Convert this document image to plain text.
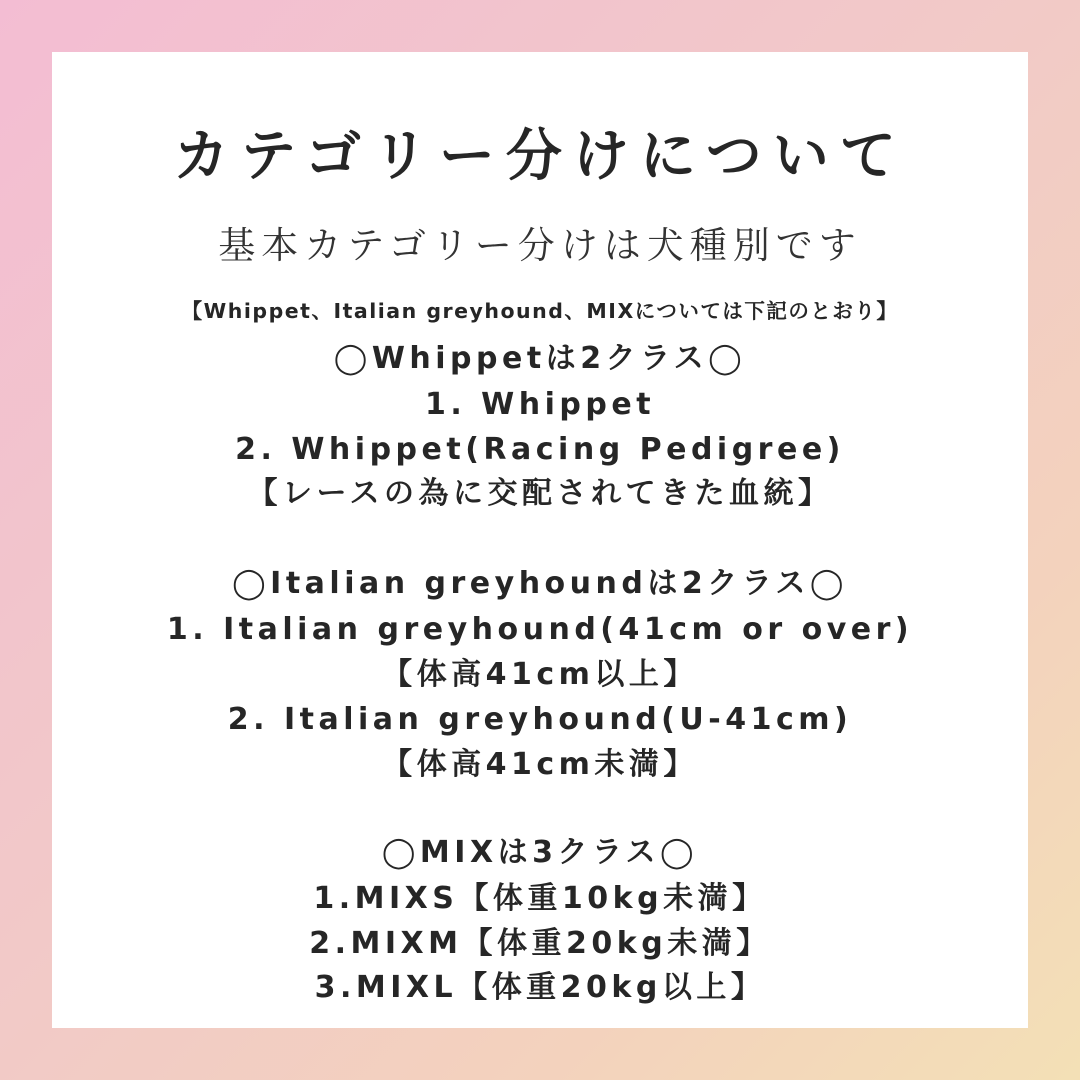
カテゴリー分けについて
基本カテゴリー分けは犬種別です
【Whippet、Italian greyhound、MIXについては下記のとおり】
◯Whippetは2クラス◯
1. Whippet
2. Whippet(Racing Pedigree)
【レースの為に交配されてきた血統】
◯Italian greyhoundは2クラス◯
1. Italian greyhound(41cm or over)
【体高41cm以上】
2. Italian greyhound(U-41cm)
【体高41cm未満】
◯MIXは3クラス◯
1.MIXS【体重10kg未満】
2.MIXM【体重20kg未満】
3.MIXL【体重20kg以上】
